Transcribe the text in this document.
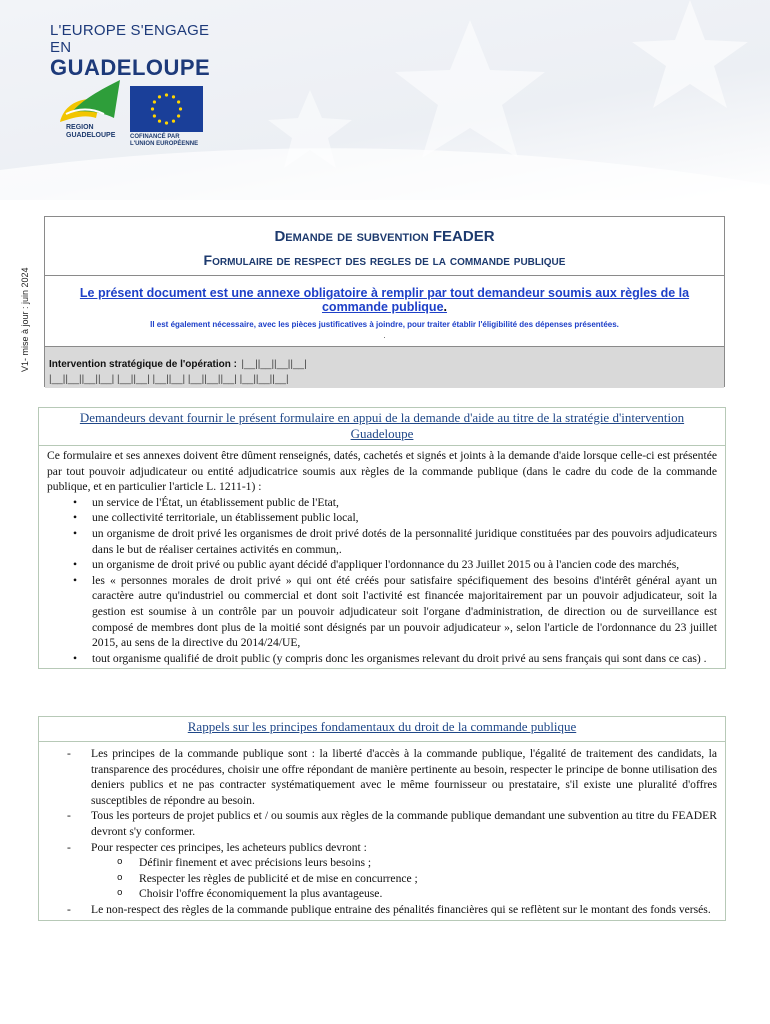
L'EUROPE S'ENGAGE EN
GUADELOUPE
REGION
GUADELOUPE COFINANCÉ PAR
L'UNION EUROPÉENNE
V1- mise à jour : juin 2024
Demande de subvention FEADER
Formulaire de respect des regles de la commande publique
Le présent document est une annexe obligatoire à remplir par tout demandeur soumis aux règles de la commande publique.
Il est également nécessaire, avec les pièces justificatives à joindre, pour traiter établir l'éligibilité des dépenses présentées.
.
Intervention stratégique de l'opération : |__||__||__||__|
|__||__||__||__| |__||__| |__||__| |__||__||__| |__||__||__|
Demandeurs devant fournir le présent formulaire en appui de la demande d'aide au titre de la stratégie d'intervention Guadeloupe
Ce formulaire et ses annexes doivent être dûment renseignés, datés, cachetés et signés et joints à la demande d'aide lorsque celle-ci est présentée par tout pouvoir adjudicateur ou entité adjudicatrice soumis aux règles de la commande publique (dans le cadre du code de la commande publique, et en particulier l'article L. 1211-1) :
• un service de l'État, un établissement public de l'Etat,
• une collectivité territoriale, un établissement public local,
• un organisme de droit privé les organismes de droit privé dotés de la personnalité juridique constituées par des pouvoirs adjudicateurs dans le but de réaliser certaines activités en commun,.
• un organisme de droit privé ou public ayant décidé d'appliquer l'ordonnance du 23 Juillet 2015 ou à l'ancien code des marchés,
• les « personnes morales de droit privé » qui ont été créés pour satisfaire spécifiquement des besoins d'intérêt général ayant un caractère autre qu'industriel ou commercial et dont soit l'activité est financée majoritairement par un pouvoir adjudicateur, soit la gestion est soumise à un contrôle par un pouvoir adjudicateur soit l'organe d'administration, de direction ou de surveillance est composé de membres dont plus de la moitié sont désignés par un pouvoir adjudicateur », selon l'article de l'ordonnance du 23 juillet 2015, au sens de la directive du 2014/24/UE,
• tout organisme qualifié de droit public (y compris donc les organismes relevant du droit privé au sens français qui sont dans ce cas) .
Rappels sur les principes fondamentaux du droit de la commande publique
- Les principes de la commande publique sont : la liberté d'accès à la commande publique, l'égalité de traitement des candidats, la transparence des procédures, choisir une offre répondant de manière pertinente au besoin, respecter le principe de bonne utilisation des deniers publics et ne pas contracter systématiquement avec le même fournisseur ou prestataire, s'il existe une pluralité d'offres susceptibles de répondre au besoin.
- Tous les porteurs de projet publics et / ou soumis aux règles de la commande publique demandant une subvention au titre du FEADER devront s'y conformer.
- Pour respecter ces principes, les acheteurs publics devront :
o Définir finement et avec précisions leurs besoins ;
o Respecter les règles de publicité et de mise en concurrence ;
o Choisir l'offre économiquement la plus avantageuse.
- Le non-respect des règles de la commande publique entraine des pénalités financières qui se reflètent sur le montant des fonds versés.
